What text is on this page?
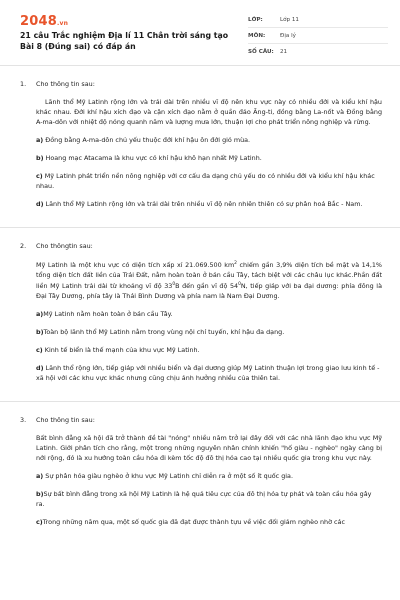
2048.vn
21 câu Trắc nghiệm Địa lí 11 Chân trời sáng tạo Bài 8 (Đúng sai) có đáp án
LỚP:	Lớp 11
MÔN:	Địa lý
SỐ CÂU:	21
1.	Cho thông tin sau:

Lãnh thổ Mỹ Latinh rộng lớn và trải dài trên nhiều vĩ độ nên khu vực này có nhiều đới và kiểu khí hậu khác nhau. Đới khí hậu xích đạo và cận xích đạo nằm ở quần đảo Ăng-ti, đồng bằng La-nốt và Đồng bằng A-ma-dôn với nhiệt độ nóng quanh năm và lượng mưa lớn, thuận lợi cho phát triển nông nghiệp và rừng.

a) Đồng bằng A-ma-dôn chủ yếu thuộc đới khí hậu ôn đới gió mùa.

b) Hoang mạc Atacama là khu vực có khí hậu khô hạn nhất Mỹ Latinh.

c) Mỹ Latinh phát triển nền nông nghiệp với cơ cấu đa dạng chủ yếu do có nhiều đới và kiểu khí hậu khác nhau.

d) Lãnh thổ Mỹ Latinh rộng lớn và trải dài trên nhiều vĩ độ nên nhiên thiên có sự phân hoá Bắc - Nam.

2.	Cho thôngtin sau:

Mỹ Latinh là một khu vực có diện tích xấp xỉ 21.069.500 $km^2$ chiếm gần 3,9% diện tích bề mặt và 14,1% tổng diện tích đất liền của Trái Đất, nằm hoàn toàn ở bán cầu Tây, tách biệt với các châu lục khác.Phần đất liền Mỹ Latinh trải dài từ khoảng vĩ độ $33^0B$ đến gần vĩ độ $54^0N$, tiếp giáp với ba đại dương: phía đông là Đại Tây Dương, phía tây là Thái Bình Dương và phía nam là Nam Đại Dương.

a)Mỹ Latinh nằm hoàn toàn ở bán cầu Tây.

b)Toàn bộ lãnh thổ Mỹ Latinh nằm trong vùng nội chí tuyến, khí hậu đa dạng.

c) Kinh tế biển là thế mạnh của khu vực Mỹ Latinh.

d) Lãnh thổ rộng lớn, tiếp giáp với nhiều biển và đại dương giúp Mỹ Latinh thuận lợi trong giao lưu kinh tế - xã hội với các khu vực khác nhưng cũng chịu ảnh hưởng nhiều của thiên tai.

3.	Cho thông tin sau:

Bất bình đẳng xã hội đã trở thành đề tài "nóng" nhiều năm trở lại đây đối với các nhà lãnh đạo khu vực Mỹ Latinh. Giới phân tích cho rằng, một trong những nguyên nhân chính khiến "hố giàu - nghèo" ngày càng bị nới rộng, đó là xu hướng toàn cầu hóa đi kèm tốc độ đô thị hóa cao tại nhiều quốc gia trong khu vực này.

a) Sự phân hóa giàu nghèo ở khu vực Mỹ Latinh chỉ diễn ra ở một số ít quốc gia.

b)Sự bất bình đẳng trong xã hội Mỹ Latinh là hệ quả tiêu cực của đô thị hóa tự phát và toàn cầu hóa gây ra.

c)Trong những năm qua, một số quốc gia đã đạt được thành tựu về việc đối giảm nghèo nhờ các
